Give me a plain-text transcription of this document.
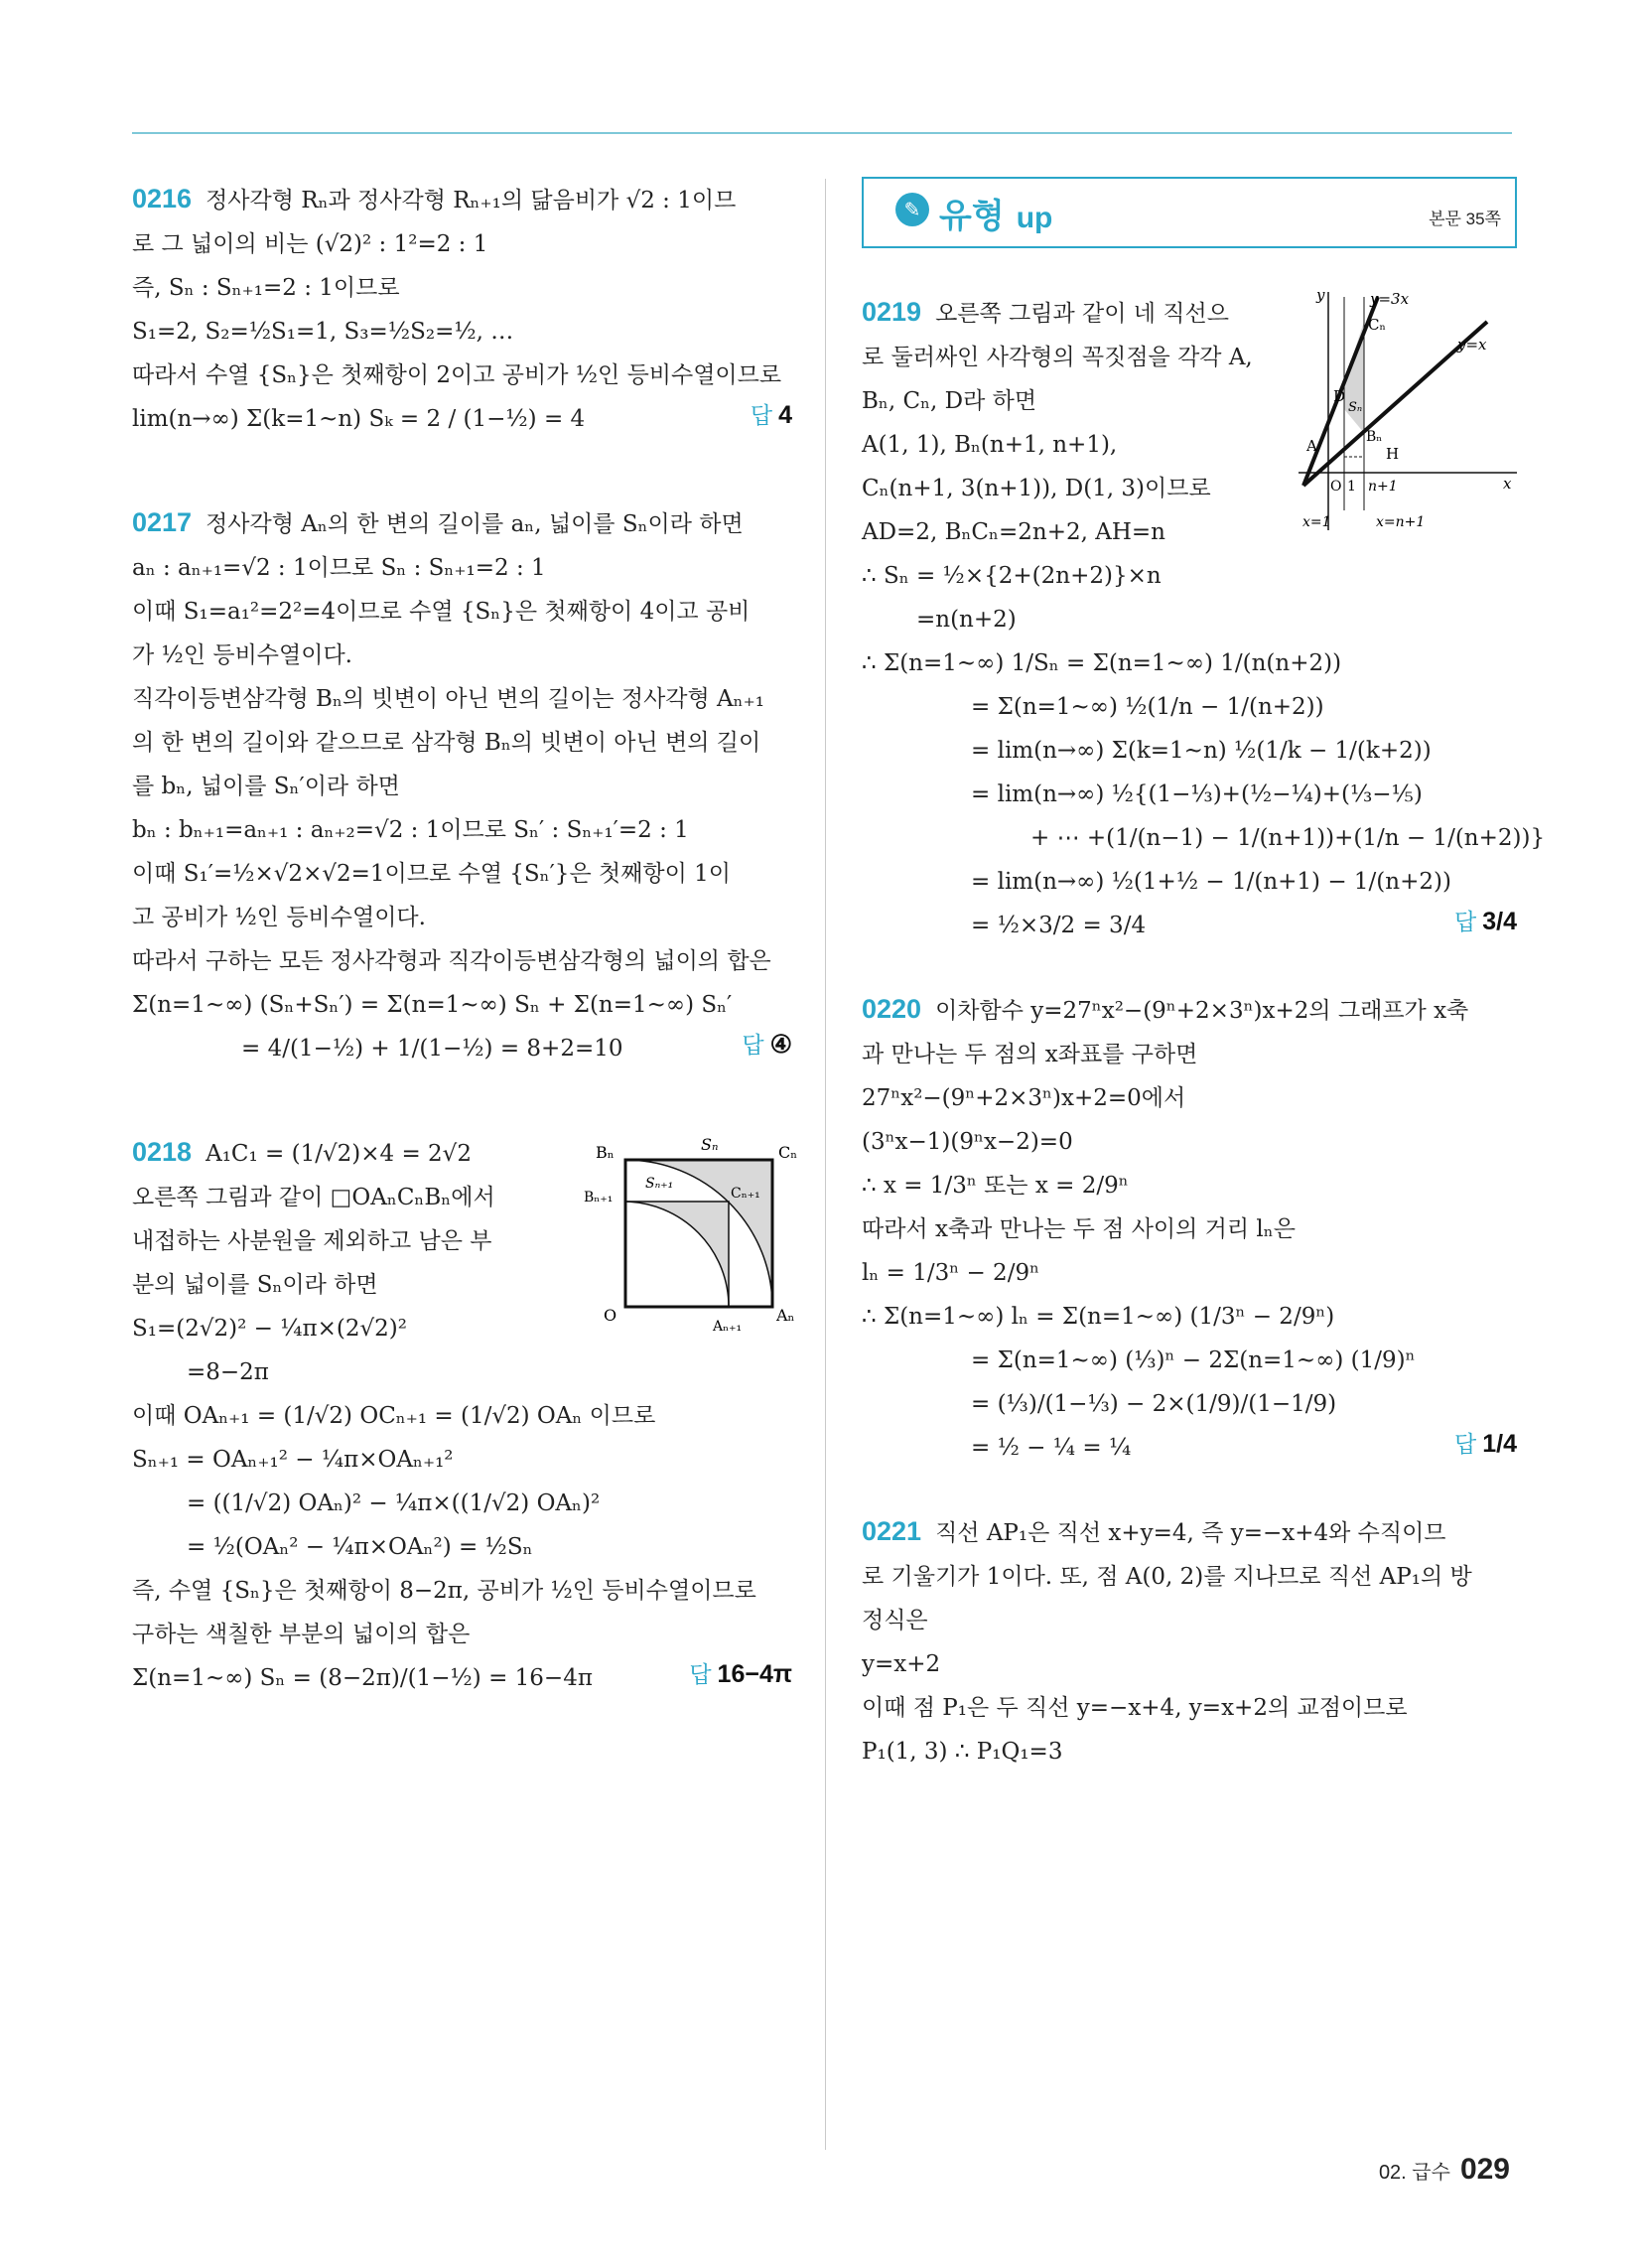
0216 정사각형 Rₙ과 정사각형 Rₙ₊₁의 닮음비가 √2 : 1이므
로 그 넓이의 비는 (√2)² : 1²=2 : 1
즉, Sₙ : Sₙ₊₁=2 : 1이므로
S₁=2, S₂=½S₁=1, S₃=½S₂=½, …
따라서 수열 {Sₙ}은 첫째항이 2이고 공비가 ½인 등비수열이므로
lim(n→∞) Σ(k=1~n) Sₖ = 2 / (1−½) = 4	답 4
0217 정사각형 Aₙ의 한 변의 길이를 aₙ, 넓이를 Sₙ이라 하면
aₙ : aₙ₊₁=√2 : 1이므로 Sₙ : Sₙ₊₁=2 : 1
이때 S₁=a₁²=2²=4이므로 수열 {Sₙ}은 첫째항이 4이고 공비
가 ½인 등비수열이다.
직각이등변삼각형 Bₙ의 빗변이 아닌 변의 길이는 정사각형 Aₙ₊₁
의 한 변의 길이와 같으므로 삼각형 Bₙ의 빗변이 아닌 변의 길이
를 bₙ, 넓이를 Sₙ′이라 하면
bₙ : bₙ₊₁=aₙ₊₁ : aₙ₊₂=√2 : 1이므로 Sₙ′ : Sₙ₊₁′=2 : 1
이때 S₁′=½×√2×√2=1이므로 수열 {Sₙ′}은 첫째항이 1이
고 공비가 ½인 등비수열이다.
따라서 구하는 모든 정사각형과 직각이등변삼각형의 넓이의 합은
Σ(n=1~∞) (Sₙ+Sₙ′) = Σ(n=1~∞) Sₙ + Σ(n=1~∞) Sₙ′
= 4/(1−½) + 1/(1−½) = 8+2=10	답 ④
0218 A₁C₁ = (1/√2)×4 = 2√2
오른쪽 그림과 같이 □OAₙCₙBₙ에서
내접하는 사분원을 제외하고 남은 부
분의 넓이를 Sₙ이라 하면
S₁=(2√2)² − ¼π×(2√2)²
=8−2π
이때 OAₙ₊₁ = (1/√2) OCₙ₊₁ = (1/√2) OAₙ 이므로
Sₙ₊₁ = OAₙ₊₁² − ¼π×OAₙ₊₁²
= ((1/√2) OAₙ)² − ¼π×((1/√2) OAₙ)²
= ½(OAₙ² − ¼π×OAₙ²) = ½Sₙ
즉, 수열 {Sₙ}은 첫째항이 8−2π, 공비가 ½인 등비수열이므로
구하는 색칠한 부분의 넓이의 합은
Σ(n=1~∞) Sₙ = (8−2π)/(1−½) = 16−4π	답 16−4π
Bₙ	Sₙ	Cₙ
Bₙ₊₁
Sₙ₊₁
Cₙ₊₁
O
Aₙ₊₁
Aₙ
✎ 유형 up	본문 35쪽
0219 오른쪽 그림과 같이 네 직선으
로 둘러싸인 사각형의 꼭짓점을 각각 A,
Bₙ, Cₙ, D라 하면
A(1, 1), Bₙ(n+1, n+1),
Cₙ(n+1, 3(n+1)), D(1, 3)이므로
AD=2, BₙCₙ=2n+2, AH=n
∴ Sₙ = ½×{2+(2n+2)}×n
=n(n+2)
∴ Σ(n=1~∞) 1/Sₙ = Σ(n=1~∞) 1/(n(n+2))
= Σ(n=1~∞) ½(1/n − 1/(n+2))
= lim(n→∞) Σ(k=1~n) ½(1/k − 1/(k+2))
= lim(n→∞) ½{(1−⅓)+(½−¼)+(⅓−⅕)
+ ⋯ +(1/(n−1) − 1/(n+1))+(1/n − 1/(n+2))}
= lim(n→∞) ½(1+½ − 1/(n+1) − 1/(n+2))
= ½×3/2 = 3/4	답 3/4
y	y=3x
Cₙ
y=x
D
Sₙ
A	Bₙ
H
O 1 n+1	x
x=1	x=n+1
0220 이차함수 y=27ⁿx²−(9ⁿ+2×3ⁿ)x+2의 그래프가 x축
과 만나는 두 점의 x좌표를 구하면
27ⁿx²−(9ⁿ+2×3ⁿ)x+2=0에서
(3ⁿx−1)(9ⁿx−2)=0
∴ x = 1/3ⁿ 또는 x = 2/9ⁿ
따라서 x축과 만나는 두 점 사이의 거리 lₙ은
lₙ = 1/3ⁿ − 2/9ⁿ
∴ Σ(n=1~∞) lₙ = Σ(n=1~∞) (1/3ⁿ − 2/9ⁿ)
= Σ(n=1~∞) (⅓)ⁿ − 2Σ(n=1~∞) (1/9)ⁿ
= (⅓)/(1−⅓) − 2×(1/9)/(1−1/9)
= ½ − ¼ = ¼	답 1/4
0221 직선 AP₁은 직선 x+y=4, 즉 y=−x+4와 수직이므
로 기울기가 1이다. 또, 점 A(0, 2)를 지나므로 직선 AP₁의 방
정식은
y=x+2
이때 점 P₁은 두 직선 y=−x+4, y=x+2의 교점이므로
P₁(1, 3) ∴ P₁Q₁=3
02. 급수 029
